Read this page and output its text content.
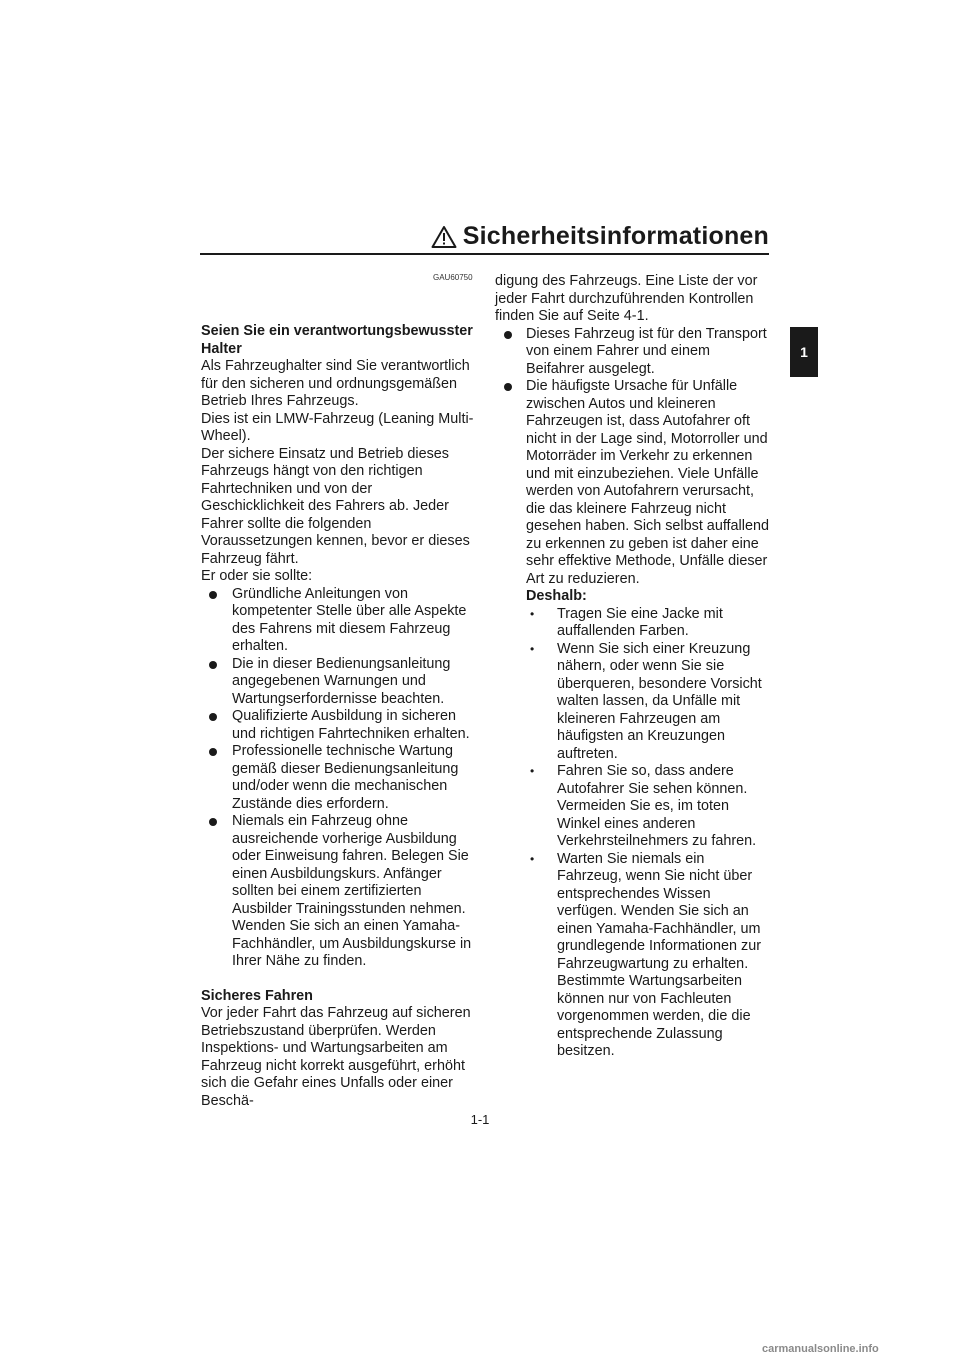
Sicherheitsinformationen
1
GAU60750

Seien Sie ein verantwortungsbewusster Halter

Als Fahrzeughalter sind Sie verantwortlich für den sicheren und ordnungsgemäßen Betrieb Ihres Fahrzeugs.

Dies ist ein LMW-Fahrzeug (Leaning Multi-Wheel).

Der sichere Einsatz und Betrieb dieses Fahrzeugs hängt von den richtigen Fahrtechniken und von der Geschicklichkeit des Fahrers ab. Jeder Fahrer sollte die folgenden Voraussetzungen kennen, bevor er dieses Fahrzeug fährt.

Er oder sie sollte:

Gründliche Anleitungen von kompetenter Stelle über alle Aspekte des Fahrens mit diesem Fahrzeug erhalten.
Die in dieser Bedienungsanleitung angegebenen Warnungen und Wartungserfordernisse beachten.
Qualifizierte Ausbildung in sicheren und richtigen Fahrtechniken erhalten.
Professionelle technische Wartung gemäß dieser Bedienungsanleitung und/oder wenn die mechanischen Zustände dies erfordern.
Niemals ein Fahrzeug ohne ausreichende vorherige Ausbildung oder Einweisung fahren. Belegen Sie einen Ausbildungskurs. Anfänger sollten bei einem zertifizierten Ausbilder Trainingsstunden nehmen. Wenden Sie sich an einen Yamaha-Fachhändler, um Ausbildungskurse in Ihrer Nähe zu finden.

Sicheres Fahren

Vor jeder Fahrt das Fahrzeug auf sicheren Betriebszustand überprüfen. Werden Inspektions- und Wartungsarbeiten am Fahrzeug nicht korrekt ausgeführt, erhöht sich die Gefahr eines Unfalls oder einer Beschä-

digung des Fahrzeugs. Eine Liste der vor jeder Fahrt durchzuführenden Kontrollen finden Sie auf Seite 4-1.

Dieses Fahrzeug ist für den Transport von einem Fahrer und einem Beifahrer ausgelegt.
Die häufigste Ursache für Unfälle zwischen Autos und kleineren Fahrzeugen ist, dass Autofahrer oft nicht in der Lage sind, Motorroller und Motorräder im Verkehr zu erkennen und mit einzubeziehen. Viele Unfälle werden von Autofahrern verursacht, die das kleinere Fahrzeug nicht gesehen haben. Sich selbst auffallend zu erkennen zu geben ist daher eine sehr effektive Methode, Unfälle dieser Art zu reduzieren.
Deshalb:
• Tragen Sie eine Jacke mit auffallenden Farben.
• Wenn Sie sich einer Kreuzung nähern, oder wenn Sie sie überqueren, besondere Vorsicht walten lassen, da Unfälle mit kleineren Fahrzeugen am häufigsten an Kreuzungen auftreten.
• Fahren Sie so, dass andere Autofahrer Sie sehen können. Vermeiden Sie es, im toten Winkel eines anderen Verkehrsteilnehmers zu fahren.
• Warten Sie niemals ein Fahrzeug, wenn Sie nicht über entsprechendes Wissen verfügen. Wenden Sie sich an einen Yamaha-Fachhändler, um grundlegende Informationen zur Fahrzeugwartung zu erhalten. Bestimmte Wartungsarbeiten können nur von Fachleuten vorgenommen werden, die die entsprechende Zulassung besitzen.
1-1
carmanualsonline.info
